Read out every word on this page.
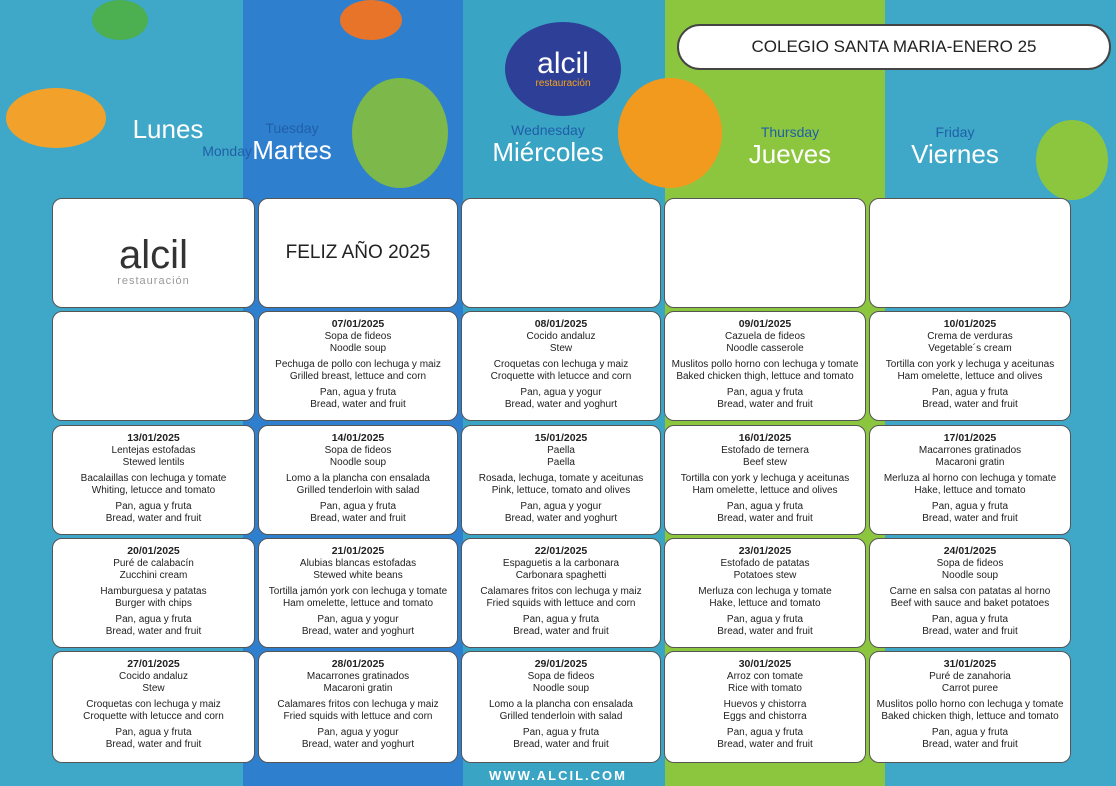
alcil
restauración
COLEGIO SANTA MARIA-ENERO 25
Lunes
Monday
Tuesday
Martes
Wednesday
Miércoles
Thursday
Jueves
Friday
Viernes
alcil
restauración
FELIZ AÑO 2025
07/01/2025
Sopa de fideos
Noodle soup
Pechuga de pollo con lechuga y maiz
Grilled breast, lettuce and corn
Pan, agua y fruta
Bread, water and fruit
08/01/2025
Cocido andaluz
Stew
Croquetas con lechuga y maiz
Croquette with letucce and corn
Pan, agua y yogur
Bread, water and yoghurt
09/01/2025
Cazuela de fideos
Noodle casserole
Muslitos pollo horno con lechuga y tomate
Baked chicken thigh, lettuce and tomato
Pan, agua y fruta
Bread, water and fruit
10/01/2025
Crema de verduras
Vegetable´s cream
Tortilla con york y lechuga y aceitunas
Ham omelette, lettuce and olives
Pan, agua y fruta
Bread, water and fruit
13/01/2025
Lentejas estofadas
Stewed lentils
Bacalaillas con lechuga y tomate
Whiting, letucce and tomato
Pan, agua y fruta
Bread, water and fruit
14/01/2025
Sopa de fideos
Noodle soup
Lomo a la plancha con ensalada
Grilled tenderloin with salad
Pan, agua y fruta
Bread, water and fruit
15/01/2025
Paella
Paella
Rosada, lechuga, tomate y aceitunas
Pink, lettuce, tomato and olives
Pan, agua y yogur
Bread, water and yoghurt
16/01/2025
Estofado de ternera
Beef stew
Tortilla con york y lechuga y aceitunas
Ham omelette, lettuce and olives
Pan, agua y fruta
Bread, water and fruit
17/01/2025
Macarrones gratinados
Macaroni gratin
Merluza al horno con lechuga y tomate
Hake, lettuce and tomato
Pan, agua y fruta
Bread, water and fruit
20/01/2025
Puré de calabacín
Zucchini cream
Hamburguesa y patatas
Burger with chips
Pan, agua y fruta
Bread, water and fruit
21/01/2025
Alubias blancas estofadas
Stewed white beans
Tortilla jamón york con lechuga y tomate
Ham omelette, lettuce and tomato
Pan, agua y yogur
Bread, water and yoghurt
22/01/2025
Espaguetis a la carbonara
Carbonara spaghetti
Calamares fritos con lechuga y maiz
Fried squids with lettuce and corn
Pan, agua y fruta
Bread, water and fruit
23/01/2025
Estofado de patatas
Potatoes stew
Merluza con lechuga y tomate
Hake, lettuce and tomato
Pan, agua y fruta
Bread, water and fruit
24/01/2025
Sopa de fideos
Noodle soup
Carne en salsa con patatas al horno
Beef with sauce and baket potatoes
Pan, agua y fruta
Bread, water and fruit
27/01/2025
Cocido andaluz
Stew
Croquetas con lechuga y maiz
Croquette with letucce and corn
Pan, agua y fruta
Bread, water and fruit
28/01/2025
Macarrones gratinados
Macaroni gratin
Calamares fritos con lechuga y maiz
Fried squids with lettuce and corn
Pan, agua y yogur
Bread, water and yoghurt
29/01/2025
Sopa de fideos
Noodle soup
Lomo a la plancha con ensalada
Grilled tenderloin with salad
Pan, agua y fruta
Bread, water and fruit
30/01/2025
Arroz con tomate
Rice with tomato
Huevos y chistorra
Eggs and chistorra
Pan, agua y fruta
Bread, water and fruit
31/01/2025
Puré de zanahoria
Carrot puree
Muslitos pollo horno con lechuga y tomate
Baked chicken thigh, lettuce and tomato
Pan, agua y fruta
Bread, water and fruit
WWW.ALCIL.COM
